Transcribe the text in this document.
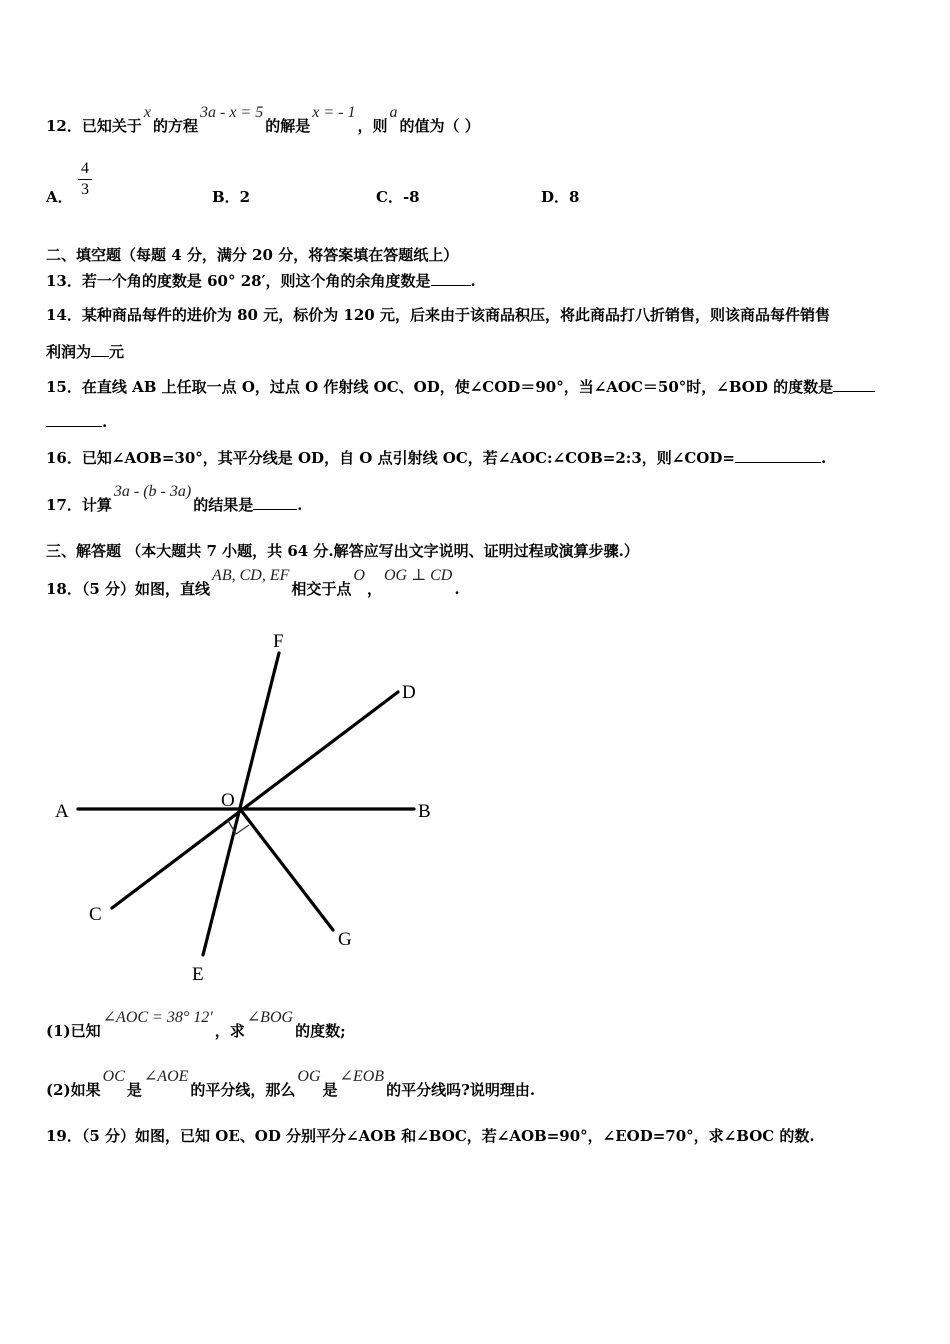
12．已知关于x的方程3a - x = 5的解是x = - 1，则a的值为（ ）
A．
4
3	B．2	C．-8	D．8
二、填空题（每题 4 分，满分 20 分，将答案填在答题纸上）
13．若一个角的度数是 60° 28′，则这个角的余角度数是	.
14．某种商品每件的进价为 80 元，标价为 120 元，后来由于该商品积压，将此商品打八折销售，则该商品每件销售
利润为 元
15．在直线 AB 上任取一点 O，过点 O 作射线 OC、OD，使∠COD＝90°，当∠AOC＝50°时，∠BOD 的度数是
.
16．已知∠AOB=30°，其平分线是 OD，自 O 点引射线 OC，若∠AOC:∠COB=2:3，则∠COD=	.
17．计算3a - (b - 3a)的结果是	.
三、解答题 （本大题共 7 小题，共 64 分.解答应写出文字说明、证明过程或演算步骤.）
18．（5 分）如图，直线AB, CD, EF相交于点O，OG ⊥ CD.
F
D
A
O
B
C
G
E
(1)已知∠AOC = 38° 12′，求∠BOG的度数;
(2)如果OC是∠AOE的平分线，那么OG是∠EOB的平分线吗?说明理由.
19．（5 分）如图，已知 OE、OD 分别平分∠AOB 和∠BOC，若∠AOB=90°，∠EOD=70°，求∠BOC 的数.
